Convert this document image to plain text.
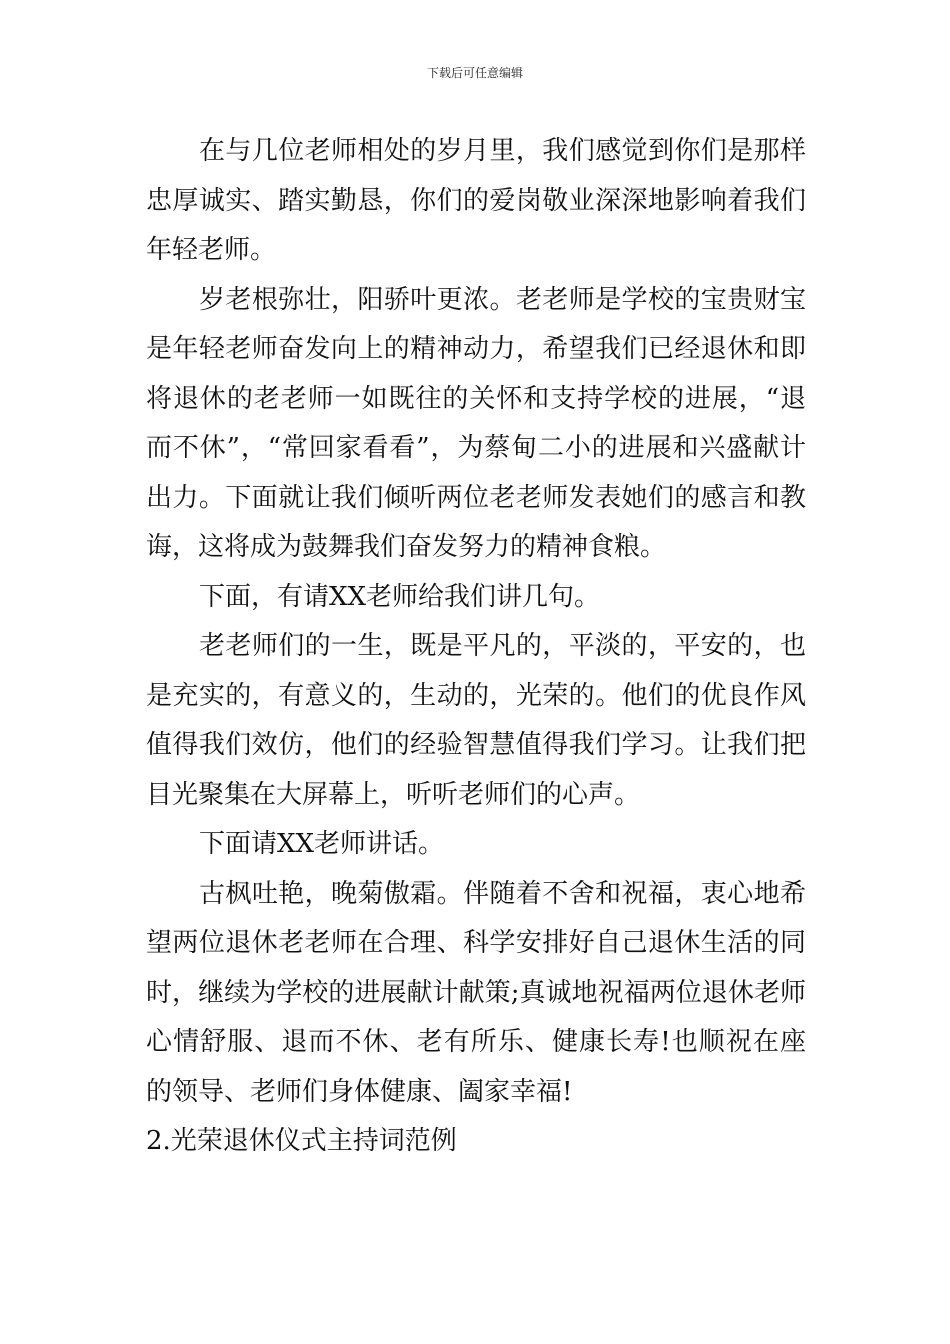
下载后可任意编辑

在与几位老师相处的岁月里，我们感觉到你们是那样忠厚诚实、踏实勤恳，你们的爱岗敬业深深地影响着我们年轻老师。

岁老根弥壮，阳骄叶更浓。老老师是学校的宝贵财宝是年轻老师奋发向上的精神动力，希望我们已经退休和即将退休的老老师一如既往的关怀和支持学校的进展，“退而不休”，“常回家看看”，为蔡甸二小的进展和兴盛献计出力。下面就让我们倾听两位老老师发表她们的感言和教诲，这将成为鼓舞我们奋发努力的精神食粮。

下面，有请XX老师给我们讲几句。

老老师们的一生，既是平凡的，平淡的，平安的，也是充实的，有意义的，生动的，光荣的。他们的优良作风值得我们效仿，他们的经验智慧值得我们学习。让我们把目光聚集在大屏幕上，听听老师们的心声。

下面请XX老师讲话。

古枫吐艳，晚菊傲霜。伴随着不舍和祝福，衷心地希望两位退休老老师在合理、科学安排好自己退休生活的同时，继续为学校的进展献计献策;真诚地祝福两位退休老师心情舒服、退而不休、老有所乐、健康长寿!也顺祝在座的领导、老师们身体健康、阖家幸福!

2.光荣退休仪式主持词范例
